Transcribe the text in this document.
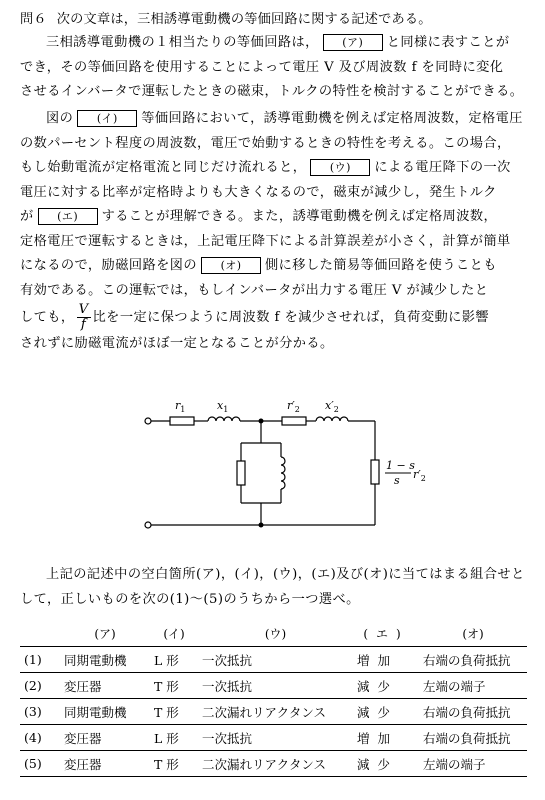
問６ 次の文章は，三相誘導電動機の等価回路に関する記述である。
三相誘導電動機の１相当たりの等価回路は， (ア) と同様に表すことが
でき，その等価回路を使用することによって電圧 V 及び周波数 f を同時に変化
させるインバータで運転したときの磁束，トルクの特性を検討することができる。
図の (イ) 等価回路において，誘導電動機を例えば定格周波数，定格電圧
の数パーセント程度の周波数，電圧で始動するときの特性を考える。この場合，
もし始動電流が定格電流と同じだけ流れると， (ウ) による電圧降下の一次
電圧に対する比率が定格時よりも大きくなるので，磁束が減少し，発生トルク
が (エ) することが理解できる。また，誘導電動機を例えば定格周波数，
定格電圧で運転するときは，上記電圧降下による計算誤差が小さく，計算が簡単
になるので，励磁回路を図の (オ) 側に移した簡易等価回路を使うことも
有効である。この運転では，もしインバータが出力する電圧 V が減少したと
しても， $\frac{V}{f}$ 比を一定に保つように周波数 f を減少させれば，負荷変動に影響
されずに励磁電流がほぼ一定となることが分かる。
$r_1$	$x_1$	$r'_2$ $x'_2$
1 − s
s $r'_2$
上記の記述中の空白箇所(ア)，(イ)，(ウ)，(エ)及び(オ)に当てはまる組合せと
して，正しいものを次の(1)〜(5)のうちから一つ選べ。
	(ア)	(イ)	(ウ)	(エ)	(オ)
(1)	同期電動機	L 形	一次抵抗	増加	右端の負荷抵抗
(2)	変圧器	T 形	一次抵抗	減少	左端の端子
(3)	同期電動機	T 形	二次漏れリアクタンス	減少	右端の負荷抵抗
(4)	変圧器	L 形	一次抵抗	増加	右端の負荷抵抗
(5)	変圧器	T 形	二次漏れリアクタンス	減少	左端の端子
